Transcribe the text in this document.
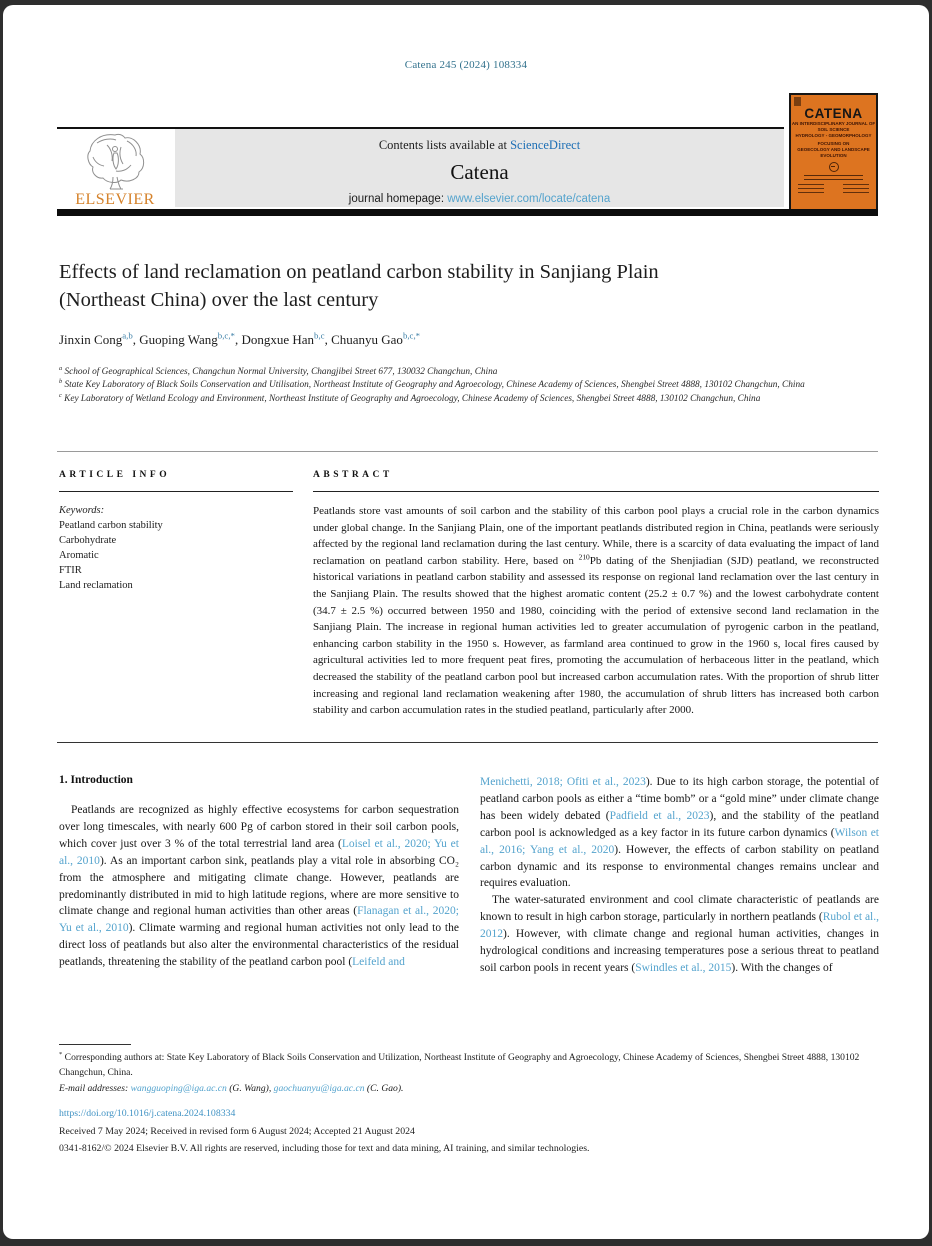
Catena 245 (2024) 108334
ELSEVIER
Contents lists available at ScienceDirect
Catena
journal homepage: www.elsevier.com/locate/catena
CATENA
AN INTERDISCIPLINARY JOURNAL OF
SOIL SCIENCE
HYDROLOGY - GEOMORPHOLOGY
FOCUSING ON
GEOECOLOGY AND LANDSCAPE EVOLUTION
Effects of land reclamation on peatland carbon stability in Sanjiang Plain
(Northeast China) over the last century
Jinxin Cong$^{a,b}$, Guoping Wang$^{b,c,*}$, Dongxue Han$^{b,c}$, Chuanyu Gao$^{b,c,*}$
$^a$ School of Geographical Sciences, Changchun Normal University, Changjibei Street 677, 130032 Changchun, China
$^b$ State Key Laboratory of Black Soils Conservation and Utilisation, Northeast Institute of Geography and Agroecology, Chinese Academy of Sciences, Shengbei Street 4888, 130102 Changchun, China
$^c$ Key Laboratory of Wetland Ecology and Environment, Northeast Institute of Geography and Agroecology, Chinese Academy of Sciences, Shengbei Street 4888, 130102 Changchun, China
ARTICLE INFO
Keywords:
Peatland carbon stability
Carbohydrate
Aromatic
FTIR
Land reclamation
ABSTRACT
Peatlands store vast amounts of soil carbon and the stability of this carbon pool plays a crucial role in the carbon dynamics under global change. In the Sanjiang Plain, one of the important peatlands distributed region in China, peatlands were seriously affected by the regional land reclamation during the last century. While, there is a scarcity of data evaluating the impact of land reclamation on peatland carbon stability. Here, based on $^{210}$Pb dating of the Shenjiadian (SJD) peatland, we reconstructed historical variations in peatland carbon stability and assessed its response on regional land reclamation over the last century in the Sanjiang Plain. The results showed that the highest aromatic content (25.2 ± 0.7 %) and the lowest carbohydrate content (34.7 ± 2.5 %) occurred between 1950 and 1980, coinciding with the period of extensive second land reclamation in the Sanjiang Plain. The increase in regional human activities led to greater accumulation of pyrogenic carbon in the peatland, enhancing carbon stability in the 1950 s. However, as farmland area continued to grow in the 1960 s, local fires caused by agricultural activities led to more frequent peat fires, promoting the accumulation of herbaceous litter in the peatland, which decreased the stability of the peatland carbon pool but increased carbon accumulation rates. With the proportion of shrub litter increasing and regional land reclamation weakening after 1980, the accumulation of shrub litters has increased both carbon stability and carbon accumulation rates in the studied peatland, particularly after 2000.
1. Introduction

Peatlands are recognized as highly effective ecosystems for carbon sequestration over long timescales, with nearly 600 Pg of carbon stored in their soil carbon pools, which cover just over 3 % of the total terrestrial land area (Loisel et al., 2020; Yu et al., 2010). As an important carbon sink, peatlands play a vital role in absorbing CO₂ from the atmosphere and mitigating climate change. However, peatlands are predominantly distributed in mid to high latitude regions, where are more sensitive to climate change and regional human activities than other areas (Flanagan et al., 2020; Yu et al., 2010). Climate warming and regional human activities not only lead to the direct loss of peatlands but also alter the environmental characteristics of the residual peatlands, threatening the stability of the peatland carbon pool (Leifeld and

Menichetti, 2018; Ofiti et al., 2023). Due to its high carbon storage, the potential of peatland carbon pools as either a “time bomb” or a “gold mine” under climate change has been widely debated (Padfield et al., 2023), and the stability of the peatland carbon pool is acknowledged as a key factor in its future carbon dynamics (Wilson et al., 2016; Yang et al., 2020). However, the effects of carbon stability on peatland carbon dynamic and its response to environmental changes remains unclear and requires evaluation.

The water-saturated environment and cool climate characteristic of peatlands are known to result in high carbon storage, particularly in northern peatlands (Rubol et al., 2012). However, with climate change and regional human activities, changes in hydrological conditions and increasing temperatures pose a serious threat to peatland soil carbon pools in recent years (Swindles et al., 2015). With the changes of

* Corresponding authors at: State Key Laboratory of Black Soils Conservation and Utilization, Northeast Institute of Geography and Agroecology, Chinese Academy of Sciences, Shengbei Street 4888, 130102 Changchun, China.
E-mail addresses: wangguoping@iga.ac.cn (G. Wang), gaochuanyu@iga.ac.cn (C. Gao).
https://doi.org/10.1016/j.catena.2024.108334
Received 7 May 2024; Received in revised form 6 August 2024; Accepted 21 August 2024
0341-8162/© 2024 Elsevier B.V. All rights are reserved, including those for text and data mining, AI training, and similar technologies.
